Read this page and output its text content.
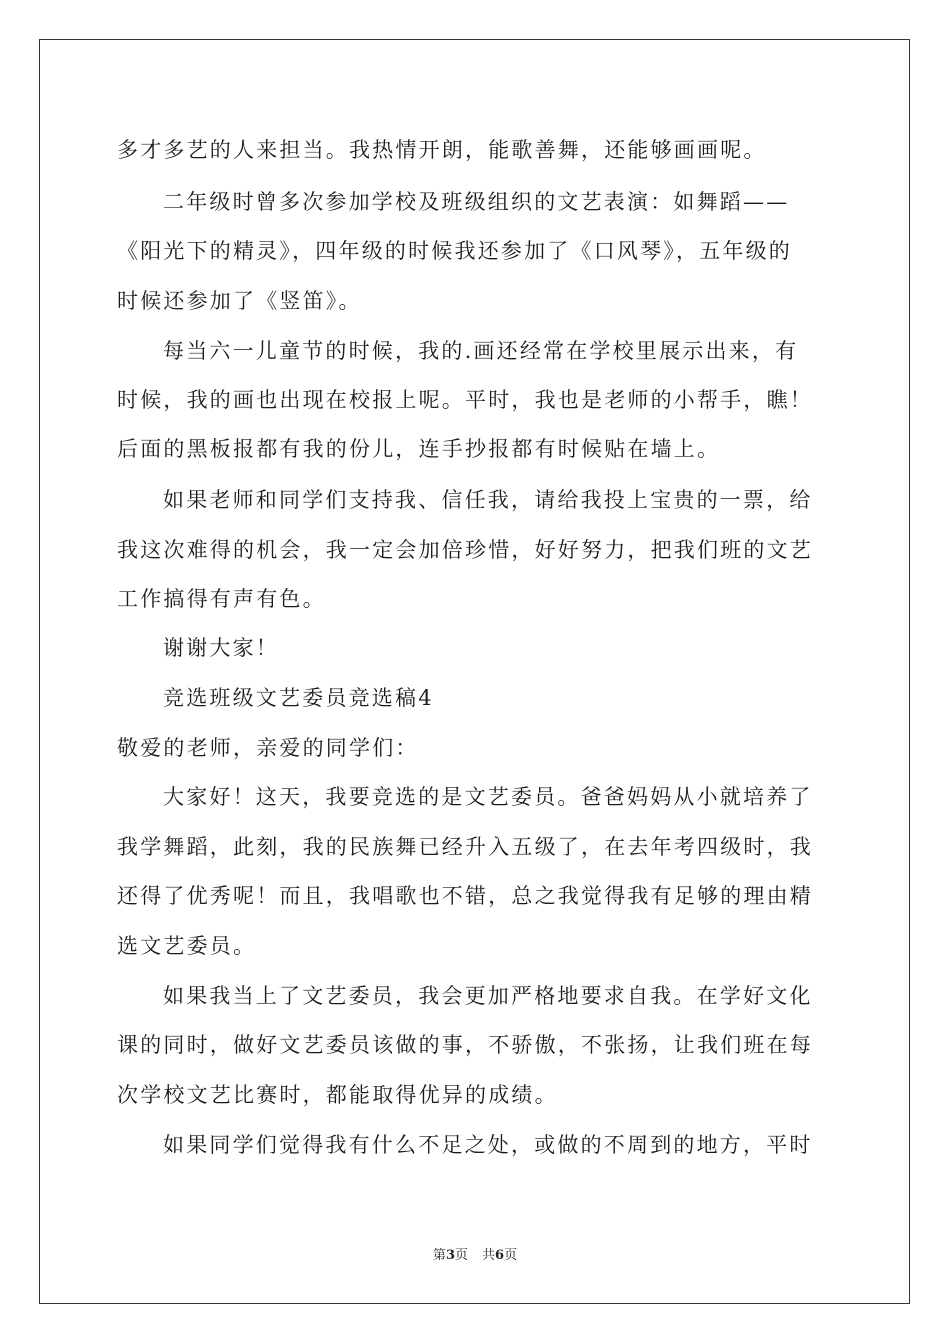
多才多艺的人来担当。我热情开朗，能歌善舞，还能够画画呢。
二年级时曾多次参加学校及班级组织的文艺表演：如舞蹈——
《阳光下的精灵》，四年级的时候我还参加了《口风琴》，五年级的
时候还参加了《竖笛》。
每当六一儿童节的时候，我的.画还经常在学校里展示出来，有
时候，我的画也出现在校报上呢。平时，我也是老师的小帮手，瞧！
后面的黑板报都有我的份儿，连手抄报都有时候贴在墙上。
如果老师和同学们支持我、信任我，请给我投上宝贵的一票，给
我这次难得的机会，我一定会加倍珍惜，好好努力，把我们班的文艺
工作搞得有声有色。
谢谢大家！
竞选班级文艺委员竞选稿4
敬爱的老师，亲爱的同学们：
大家好！这天，我要竞选的是文艺委员。爸爸妈妈从小就培养了
我学舞蹈，此刻，我的民族舞已经升入五级了，在去年考四级时，我
还得了优秀呢！而且，我唱歌也不错，总之我觉得我有足够的理由精
选文艺委员。
如果我当上了文艺委员，我会更加严格地要求自我。在学好文化
课的同时，做好文艺委员该做的事，不骄傲，不张扬，让我们班在每
次学校文艺比赛时，都能取得优异的成绩。
如果同学们觉得我有什么不足之处，或做的不周到的地方，平时
第3页 共6页
